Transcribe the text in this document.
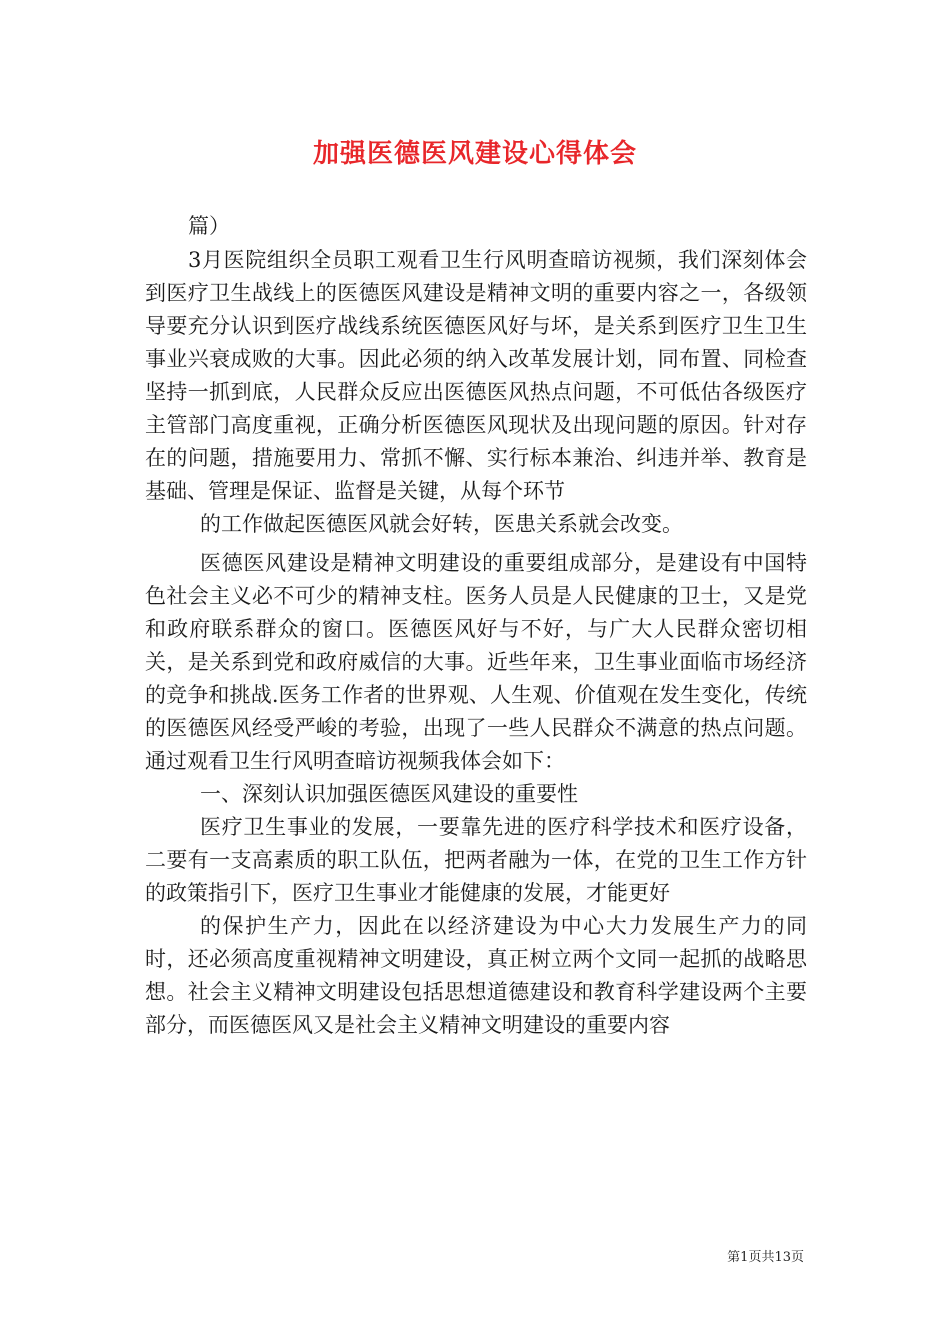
加强医德医风建设心得体会

篇）

3月医院组织全员职工观看卫生行风明查暗访视频，我们深刻体会到医疗卫生战线上的医德医风建设是精神文明的重要内容之一，各级领导要充分认识到医疗战线系统医德医风好与坏，是关系到医疗卫生卫生事业兴衰成败的大事。因此必须的纳入改革发展计划，同布置、同检查坚持一抓到底，人民群众反应出医德医风热点问题，不可低估各级医疗主管部门高度重视，正确分析医德医风现状及出现问题的原因。针对存在的问题，措施要用力、常抓不懈、实行标本兼治、纠违并举、教育是基础、管理是保证、监督是关键，从每个环节

的工作做起医德医风就会好转，医患关系就会改变。

医德医风建设是精神文明建设的重要组成部分，是建设有中国特色社会主义必不可少的精神支柱。医务人员是人民健康的卫士，又是党和政府联系群众的窗口。医德医风好与不好，与广大人民群众密切相关，是关系到党和政府威信的大事。近些年来，卫生事业面临市场经济的竞争和挑战.医务工作者的世界观、人生观、价值观在发生变化，传统的医德医风经受严峻的考验，出现了一些人民群众不满意的热点问题。通过观看卫生行风明查暗访视频我体会如下：

一、深刻认识加强医德医风建设的重要性

医疗卫生事业的发展，一要靠先进的医疗科学技术和医疗设备，二要有一支高素质的职工队伍，把两者融为一体，在党的卫生工作方针的政策指引下，医疗卫生事业才能健康的发展，才能更好

的保护生产力，因此在以经济建设为中心大力发展生产力的同时，还必须高度重视精神文明建设，真正树立两个文同一起抓的战略思想。社会主义精神文明建设包括思想道德建设和教育科学建设两个主要部分，而医德医风又是社会主义精神文明建设的重要内容

第1页共13页
